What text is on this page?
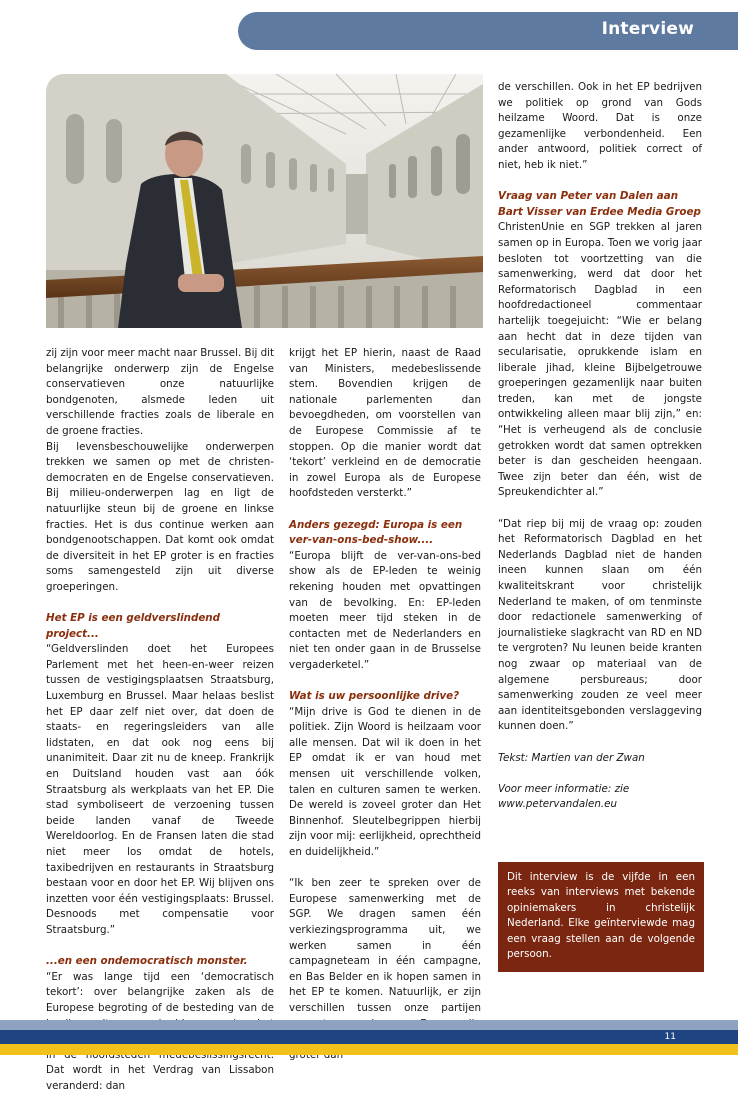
Interview

zij zijn voor meer macht naar Brussel. Bij dit belangrijke onderwerp zijn de Engelse conservatieven onze natuurlijke bondgenoten, alsmede leden uit verschillende fracties zoals de liberale en de groene fracties.

Bij levensbeschouwelijke onderwerpen trekken we samen op met de christen-democraten en de Engelse conservatieven. Bij milieu-onderwerpen lag en ligt de natuurlijke steun bij de groene en linkse fracties. Het is dus continue werken aan bondgenootschappen. Dat komt ook omdat de diversiteit in het EP groter is en fracties soms samengesteld zijn uit diverse groeperingen.

Het EP is een geldverslindend project...

“Geldverslinden doet het Europees Parlement met het heen-en-weer reizen tussen de vestigingsplaatsen Straatsburg, Luxemburg en Brussel. Maar helaas beslist het EP daar zelf niet over, dat doen de staats- en regeringsleiders van alle lidstaten, en dat ook nog eens bij unanimiteit. Daar zit nu de kneep. Frankrijk en Duitsland houden vast aan óók Straatsburg als werkplaats van het EP. Die stad symboliseert de verzoening tussen beide landen vanaf de Tweede Wereldoorlog. En de Fransen laten die stad niet meer los omdat de hotels, taxibedrijven en restaurants in Straatsburg bestaan voor en door het EP. Wij blijven ons inzetten voor één vestigingsplaats: Brussel. Desnoods met compensatie voor Straatsburg.”

...en een ondemocratisch monster.

“Er was lange tijd een ‘democratisch tekort’: over belangrijke zaken als de Europese begroting of de besteding van de Dat wordt in het Verdrag van Lissabon veranderd: dan

krijgt het EP hierin, naast de Raad van Ministers, medebeslissende stem. Bovendien krijgen de nationale parlementen dan bevoegdheden, om voorstellen van de Europese Commissie af te stoppen. Op die manier wordt dat ‘tekort’ verkleind en de democratie in zowel Europa als de Europese hoofdsteden versterkt.”

Anders gezegd: Europa is een ver-van-ons-bed-show....

“Europa blijft de ver-van-ons-bed show als de EP-leden te weinig rekening houden met opvattingen van de bevolking. En: EP-leden moeten meer tijd steken in de contacten met de Nederlanders en niet ten onder gaan in de Brusselse vergaderketel.”

Wat is uw persoonlijke drive?

“Mijn drive is God te dienen in de politiek. Zijn Woord is heilzaam voor alle mensen. Dat wil ik doen in het EP omdat ik er van houd met mensen uit verschillende volken, talen en culturen samen te werken. De wereld is zoveel groter dan Het Binnenhof. Sleutelbegrippen hierbij zijn voor mij: eerlijkheid, oprechtheid en duidelijkheid.”

“Ik ben zeer te spreken over de Europese samenwerking met de SGP. We dragen samen één verkiezingsprogramma uit, we werken samen in één campagneteam in één campagne, en Bas Belder en ik hopen samen in het EP te komen. Natuurlijk, er zijn verschillen tussen onze partijen

de verschillen. Ook in het EP bedrijven we politiek op grond van Gods heilzame Woord. Dat is onze gezamenlijke verbondenheid. Een ander antwoord, politiek correct of niet, heb ik niet.”

Vraag van Peter van Dalen aan Bart Visser van Erdee Media Groep

ChristenUnie en SGP trekken al jaren samen op in Europa. Toen we vorig jaar besloten tot voortzetting van die samenwerking, werd dat door het Reformatorisch Dagblad in een hoofdredactioneel commentaar hartelijk toegejuicht: “Wie er belang aan hecht dat in deze tijden van secularisatie, oprukkende islam en liberale jihad, kleine Bijbelgetrouwe groeperingen gezamenlijk naar buiten treden, kan met de jongste ontwikkeling alleen maar blij zijn,” en: “Het is verheugend als de conclusie getrokken wordt dat samen optrekken beter is dan gescheiden heengaan. Twee zijn beter dan één, wist de Spreukendichter al.”

“Dat riep bij mij de vraag op: zouden het Reformatorisch Dagblad en het Nederlands Dagblad niet de handen ineen kunnen slaan om één kwaliteitskrant voor christelijk Nederland te maken, of om tenminste door redactionele samenwerking of journalistieke slagkracht van RD en ND te vergroten? Nu leunen beide kranten nog zwaar op materiaal van de algemene persbureaus; door samenwerking zouden ze veel meer aan identiteitsgebonden verslaggeving kunnen doen.”

Tekst: Martien van der Zwan

Voor meer informatie: zie www.petervandalen.eu

Dit interview is de vijfde in een reeks van interviews met bekende opiniemakers in christelijk Nederland. Elke geïnterviewde mag een vraag stellen aan de volgende persoon.
11
